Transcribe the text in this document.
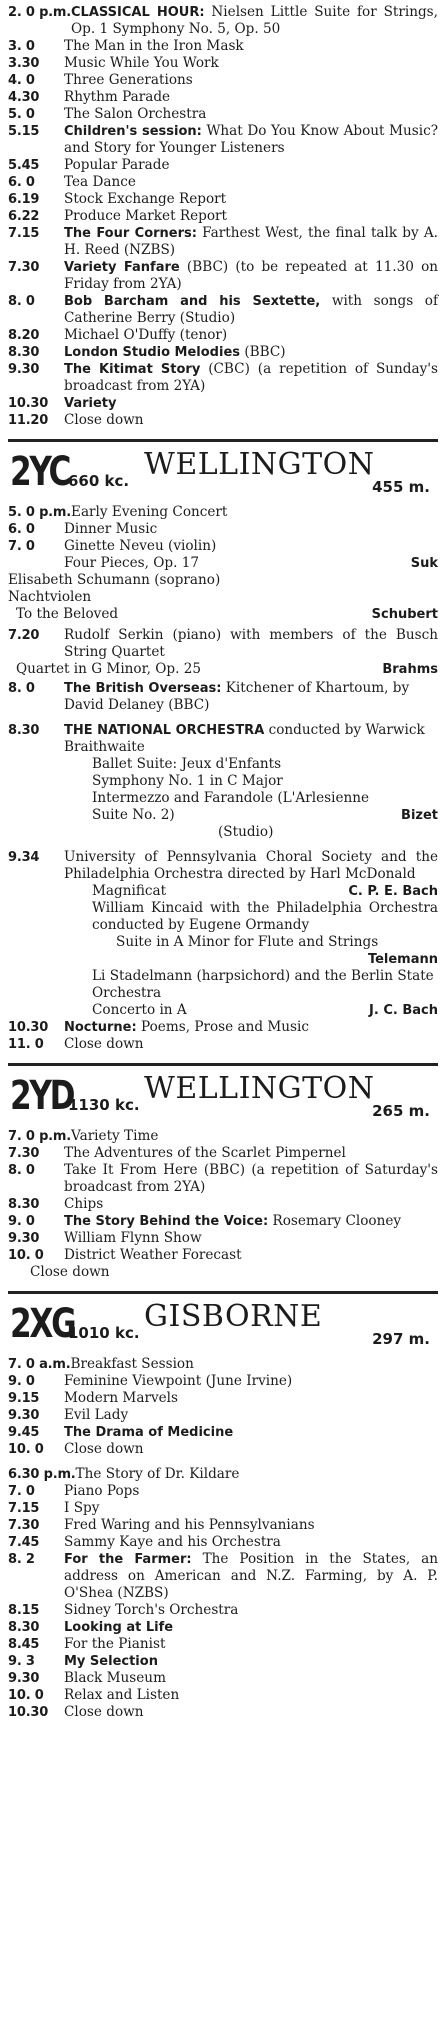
2. 0 p.m. CLASSICAL HOUR: Nielsen Little Suite for Strings, Op. 1 Symphony No. 5, Op. 50
3. 0	The Man in the Iron Mask
3.30	Music While You Work
4. 0	Three Generations
4.30	Rhythm Parade
5. 0	The Salon Orchestra
5.15	Children's session: What Do You Know About Music? and Story for Younger Listeners
5.45	Popular Parade
6. 0	Tea Dance
6.19	Stock Exchange Report
6.22	Produce Market Report
7.15	The Four Corners: Farthest West, the final talk by A. H. Reed (NZBS)
7.30	Variety Fanfare (BBC) (to be repeated at 11.30 on Friday from 2YA)
8. 0	Bob Barcham and his Sextette, with songs of Catherine Berry (Studio)
8.20	Michael O'Duffy (tenor)
8.30	London Studio Melodies (BBC)
9.30	The Kitimat Story (CBC) (a repetition of Sunday's broadcast from 2YA)
10.30	Variety
11.20	Close down
2YC
660 kc. WELLINGTON
455 m.
5. 0 p.m. Early Evening Concert
6. 0	Dinner Music
7. 0	Ginette Neveu (violin)
Four Pieces, Op. 17	Suk
Elisabeth Schumann (soprano)
Nachtviolen
To the Beloved	Schubert
7.20	Rudolf Serkin (piano) with members of the Busch String Quartet
Quartet in G Minor, Op. 25	Brahms
8. 0	The British Overseas: Kitchener of Khartoum, by David Delaney (BBC)
8.30	THE NATIONAL ORCHESTRA conducted by Warwick Braithwaite
Ballet Suite: Jeux d'Enfants
Symphony No. 1 in C Major
Intermezzo and Farandole (L'Arlesienne Suite No. 2)	Bizet
(Studio)
9.34	University of Pennsylvania Choral Society and the Philadelphia Orchestra directed by Harl McDonald
Magnificat	C. P. E. Bach
William Kincaid with the Philadelphia Orchestra conducted by Eugene Ormandy
Suite in A Minor for Flute and Strings
Telemann
Li Stadelmann (harpsichord) and the Berlin State Orchestra
Concerto in A	J. C. Bach
10.30	Nocturne: Poems, Prose and Music
11. 0	Close down
2YD
1130 kc. WELLINGTON
265 m.
7. 0 p.m. Variety Time
7.30	The Adventures of the Scarlet Pimpernel
8. 0	Take It From Here (BBC) (a repetition of Saturday's broadcast from 2YA)
8.30	Chips
9. 0	The Story Behind the Voice: Rosemary Clooney
9.30	William Flynn Show
10. 0	District Weather Forecast
Close down
2XG
1010 kc. GISBORNE
297 m.
7. 0 a.m. Breakfast Session
9. 0	Feminine Viewpoint (June Irvine)
9.15	Modern Marvels
9.30	Evil Lady
9.45	The Drama of Medicine
10. 0	Close down
6.30 p.m. The Story of Dr. Kildare
7. 0	Piano Pops
7.15	I Spy
7.30	Fred Waring and his Pennsylvanians
7.45	Sammy Kaye and his Orchestra
8. 2	For the Farmer: The Position in the States, an address on American and N.Z. Farming, by A. P. O'Shea (NZBS)
8.15	Sidney Torch's Orchestra
8.30	Looking at Life
8.45	For the Pianist
9. 3	My Selection
9.30	Black Museum
10. 0	Relax and Listen
10.30	Close down
